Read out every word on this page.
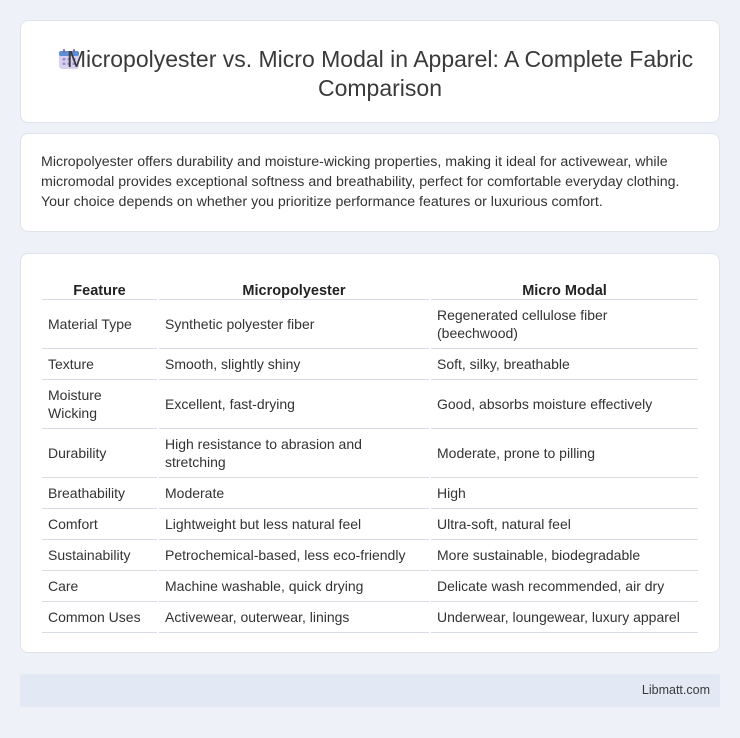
Micropolyester vs. Micro Modal in Apparel: A Complete Fabric Comparison

Micropolyester offers durability and moisture-wicking properties, making it ideal for activewear, while micromodal provides exceptional softness and breathability, perfect for comfortable everyday clothing. Your choice depends on whether you prioritize performance features or luxurious comfort.

Feature	Micropolyester	Micro Modal
Material Type	Synthetic polyester fiber	Regenerated cellulose fiber (beechwood)
Texture	Smooth, slightly shiny	Soft, silky, breathable
Moisture Wicking	Excellent, fast-drying	Good, absorbs moisture effectively
Durability	High resistance to abrasion and stretching	Moderate, prone to pilling
Breathability	Moderate	High
Comfort	Lightweight but less natural feel	Ultra-soft, natural feel
Sustainability	Petrochemical-based, less eco-friendly	More sustainable, biodegradable
Care	Machine washable, quick drying	Delicate wash recommended, air dry
Common Uses	Activewear, outerwear, linings	Underwear, loungewear, luxury apparel
Libmatt.com
